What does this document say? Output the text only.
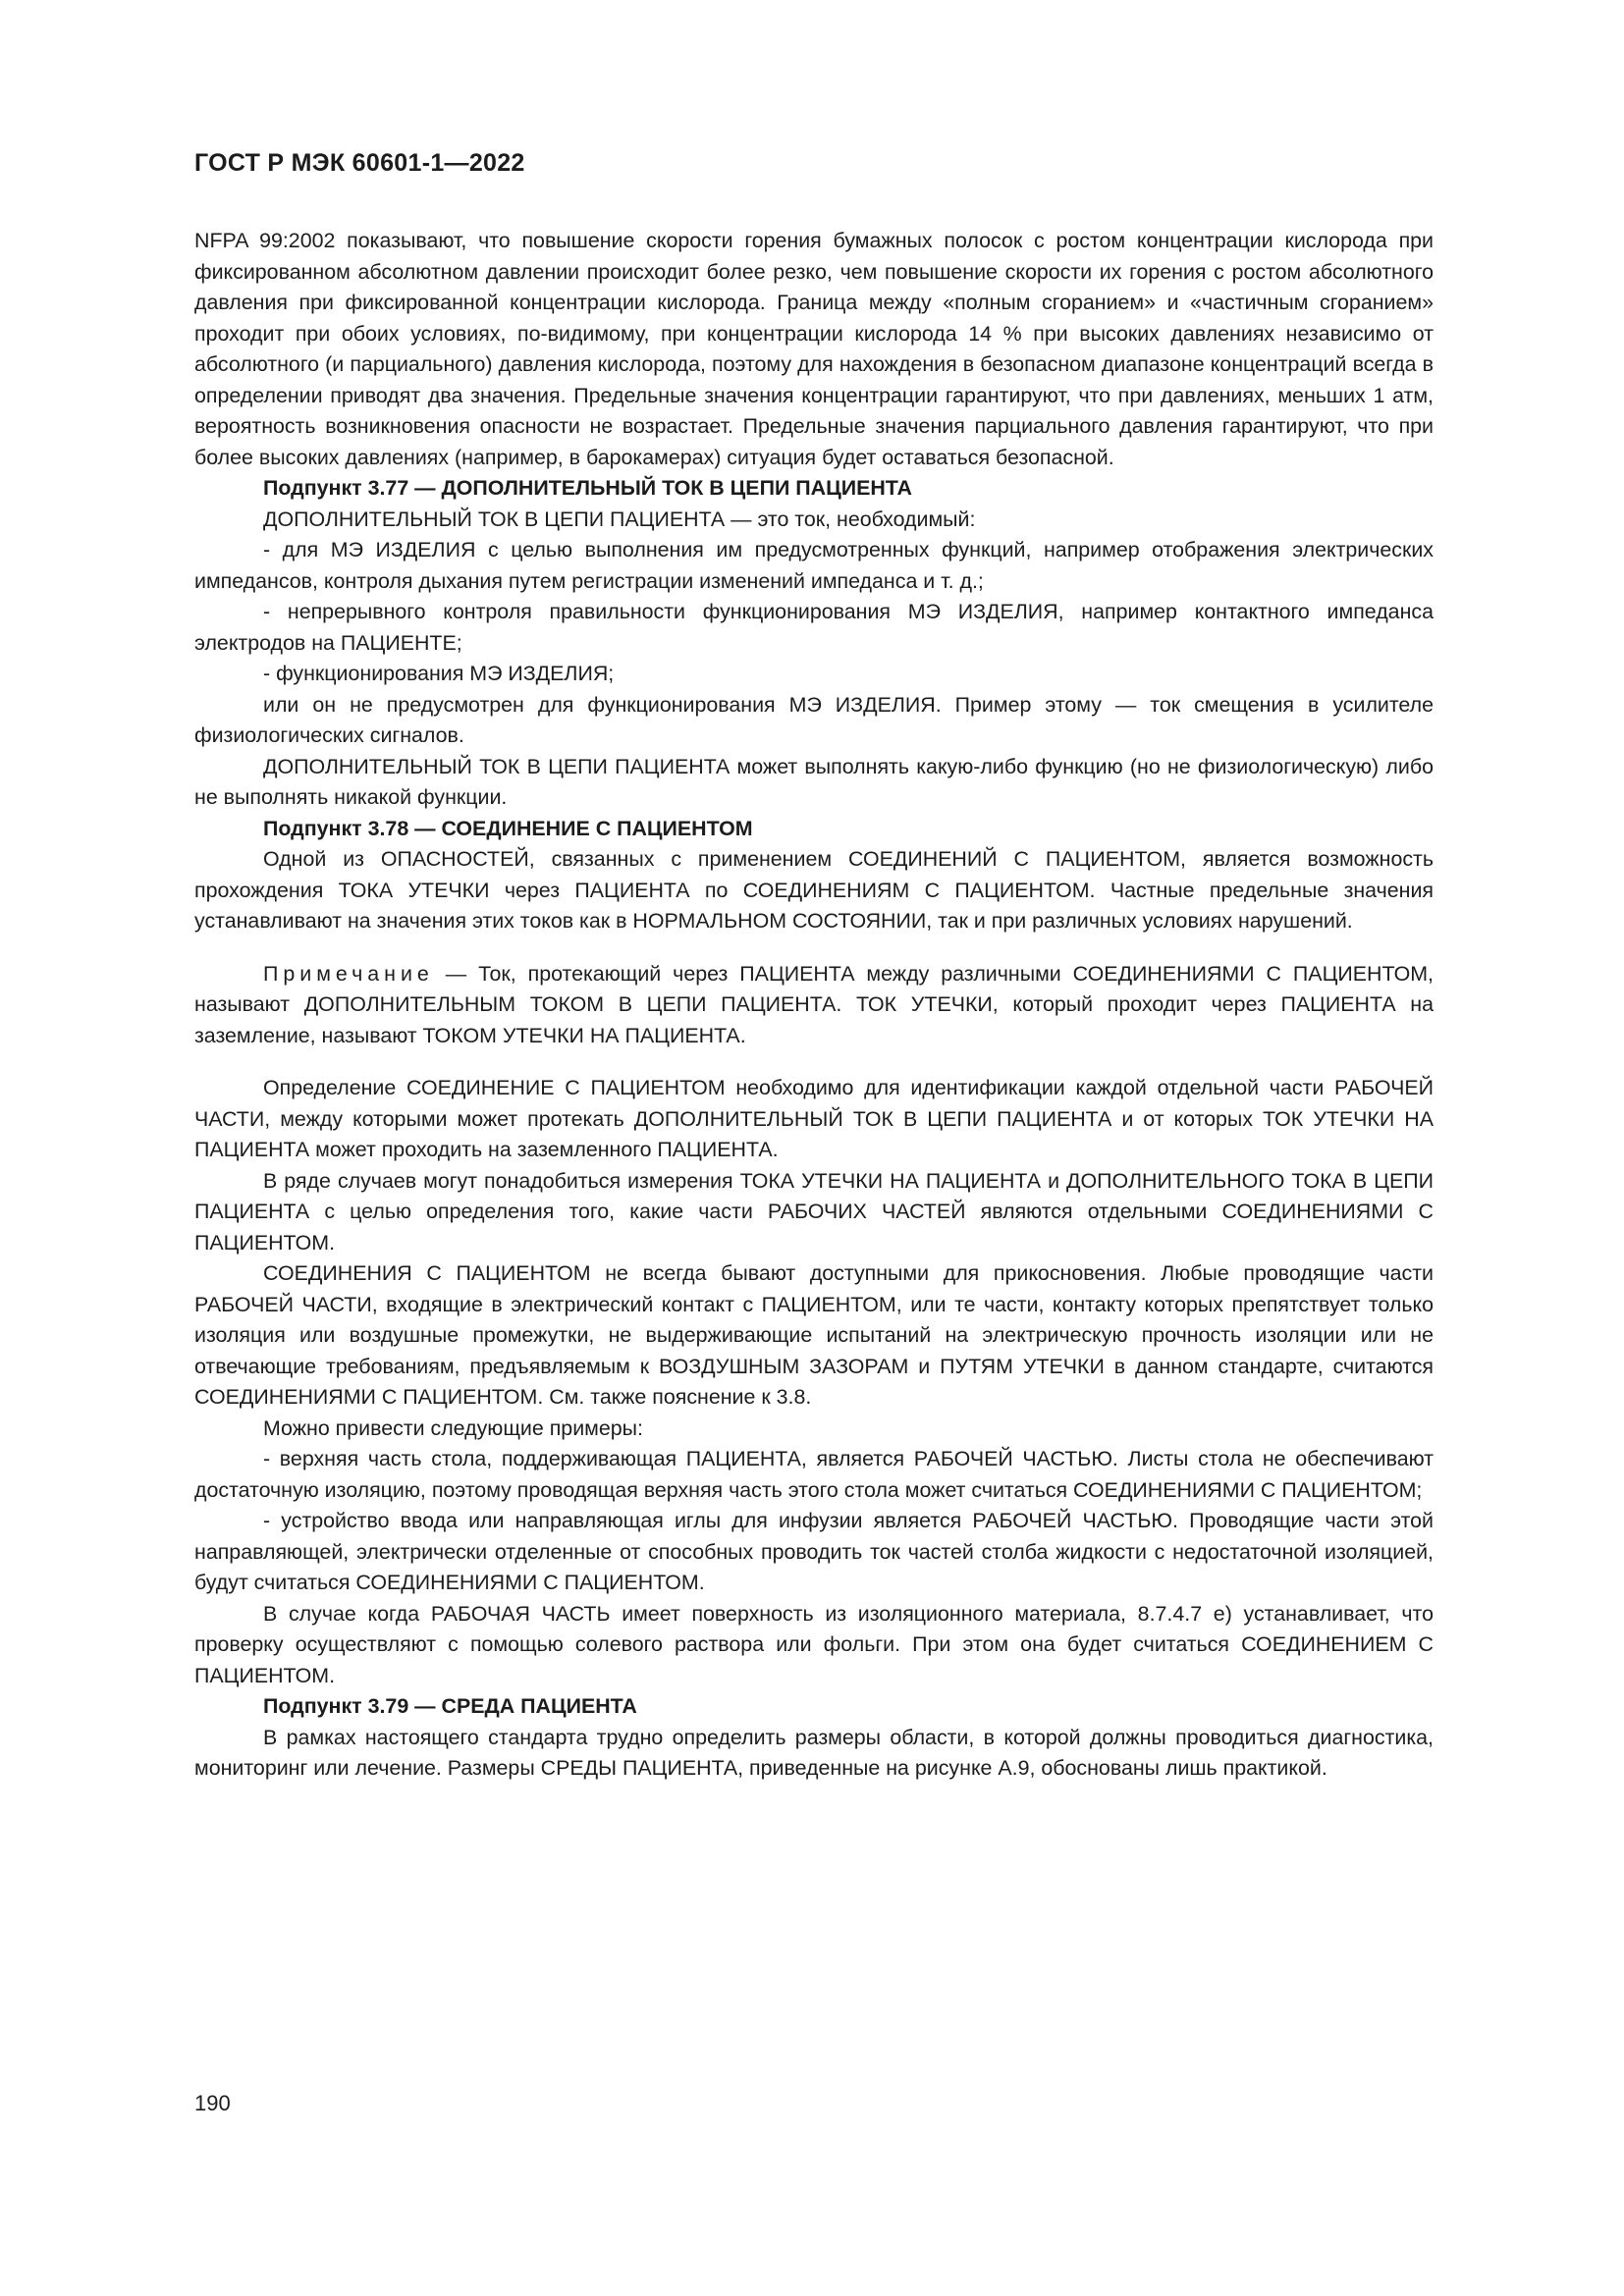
ГОСТ Р МЭК 60601-1—2022

NFPA 99:2002 показывают, что повышение скорости горения бумажных полосок с ростом концентрации кислорода при фиксированном абсолютном давлении происходит более резко, чем повышение скорости их горения с ростом абсолютного давления при фиксированной концентрации кислорода. Граница между «полным сгоранием» и «частичным сгоранием» проходит при обоих условиях, по-видимому, при концентрации кислорода 14 % при высоких давлениях независимо от абсолютного (и парциального) давления кислорода, поэтому для нахождения в безопасном диапазоне концентраций всегда в определении приводят два значения. Предельные значения концентрации гарантируют, что при давлениях, меньших 1 атм, вероятность возникновения опасности не возрастает. Предельные значения парциального давления гарантируют, что при более высоких давлениях (например, в барокамерах) ситуация будет оставаться безопасной.

Подпункт 3.77 — ДОПОЛНИТЕЛЬНЫЙ ТОК В ЦЕПИ ПАЦИЕНТА

ДОПОЛНИТЕЛЬНЫЙ ТОК В ЦЕПИ ПАЦИЕНТА — это ток, необходимый:

- для МЭ ИЗДЕЛИЯ с целью выполнения им предусмотренных функций, например отображения электрических импедансов, контроля дыхания путем регистрации изменений импеданса и т. д.;

- непрерывного контроля правильности функционирования МЭ ИЗДЕЛИЯ, например контактного импеданса электродов на ПАЦИЕНТЕ;

- функционирования МЭ ИЗДЕЛИЯ;

или он не предусмотрен для функционирования МЭ ИЗДЕЛИЯ. Пример этому — ток смещения в усилителе физиологических сигналов.

ДОПОЛНИТЕЛЬНЫЙ ТОК В ЦЕПИ ПАЦИЕНТА может выполнять какую-либо функцию (но не физиологическую) либо не выполнять никакой функции.

Подпункт 3.78 — СОЕДИНЕНИЕ С ПАЦИЕНТОМ

Одной из ОПАСНОСТЕЙ, связанных с применением СОЕДИНЕНИЙ С ПАЦИЕНТОМ, является возможность прохождения ТОКА УТЕЧКИ через ПАЦИЕНТА по СОЕДИНЕНИЯМ С ПАЦИЕНТОМ. Частные предельные значения устанавливают на значения этих токов как в НОРМАЛЬНОМ СОСТОЯНИИ, так и при различных условиях нарушений.

Примечание — Ток, протекающий через ПАЦИЕНТА между различными СОЕДИНЕНИЯМИ С ПАЦИЕНТОМ, называют ДОПОЛНИТЕЛЬНЫМ ТОКОМ В ЦЕПИ ПАЦИЕНТА. ТОК УТЕЧКИ, который проходит через ПАЦИЕНТА на заземление, называют ТОКОМ УТЕЧКИ НА ПАЦИЕНТА.

Определение СОЕДИНЕНИЕ С ПАЦИЕНТОМ необходимо для идентификации каждой отдельной части РАБОЧЕЙ ЧАСТИ, между которыми может протекать ДОПОЛНИТЕЛЬНЫЙ ТОК В ЦЕПИ ПАЦИЕНТА и от которых ТОК УТЕЧКИ НА ПАЦИЕНТА может проходить на заземленного ПАЦИЕНТА.

В ряде случаев могут понадобиться измерения ТОКА УТЕЧКИ НА ПАЦИЕНТА и ДОПОЛНИТЕЛЬНОГО ТОКА В ЦЕПИ ПАЦИЕНТА с целью определения того, какие части РАБОЧИХ ЧАСТЕЙ являются отдельными СОЕДИНЕНИЯМИ С ПАЦИЕНТОМ.

СОЕДИНЕНИЯ С ПАЦИЕНТОМ не всегда бывают доступными для прикосновения. Любые проводящие части РАБОЧЕЙ ЧАСТИ, входящие в электрический контакт с ПАЦИЕНТОМ, или те части, контакту которых препятствует только изоляция или воздушные промежутки, не выдерживающие испытаний на электрическую прочность изоляции или не отвечающие требованиям, предъявляемым к ВОЗДУШНЫМ ЗАЗОРАМ и ПУТЯМ УТЕЧКИ в данном стандарте, считаются СОЕДИНЕНИЯМИ С ПАЦИЕНТОМ. См. также пояснение к 3.8.

Можно привести следующие примеры:

- верхняя часть стола, поддерживающая ПАЦИЕНТА, является РАБОЧЕЙ ЧАСТЬЮ. Листы стола не обеспечивают достаточную изоляцию, поэтому проводящая верхняя часть этого стола может считаться СОЕДИНЕНИЯМИ С ПАЦИЕНТОМ;

- устройство ввода или направляющая иглы для инфузии является РАБОЧЕЙ ЧАСТЬЮ. Проводящие части этой направляющей, электрически отделенные от способных проводить ток частей столба жидкости с недостаточной изоляцией, будут считаться СОЕДИНЕНИЯМИ С ПАЦИЕНТОМ.

В случае когда РАБОЧАЯ ЧАСТЬ имеет поверхность из изоляционного материала, 8.7.4.7 е) устанавливает, что проверку осуществляют с помощью солевого раствора или фольги. При этом она будет считаться СОЕДИНЕНИЕМ С ПАЦИЕНТОМ.

Подпункт 3.79 — СРЕДА ПАЦИЕНТА

В рамках настоящего стандарта трудно определить размеры области, в которой должны проводиться диагностика, мониторинг или лечение. Размеры СРЕДЫ ПАЦИЕНТА, приведенные на рисунке А.9, обоснованы лишь практикой.

190
